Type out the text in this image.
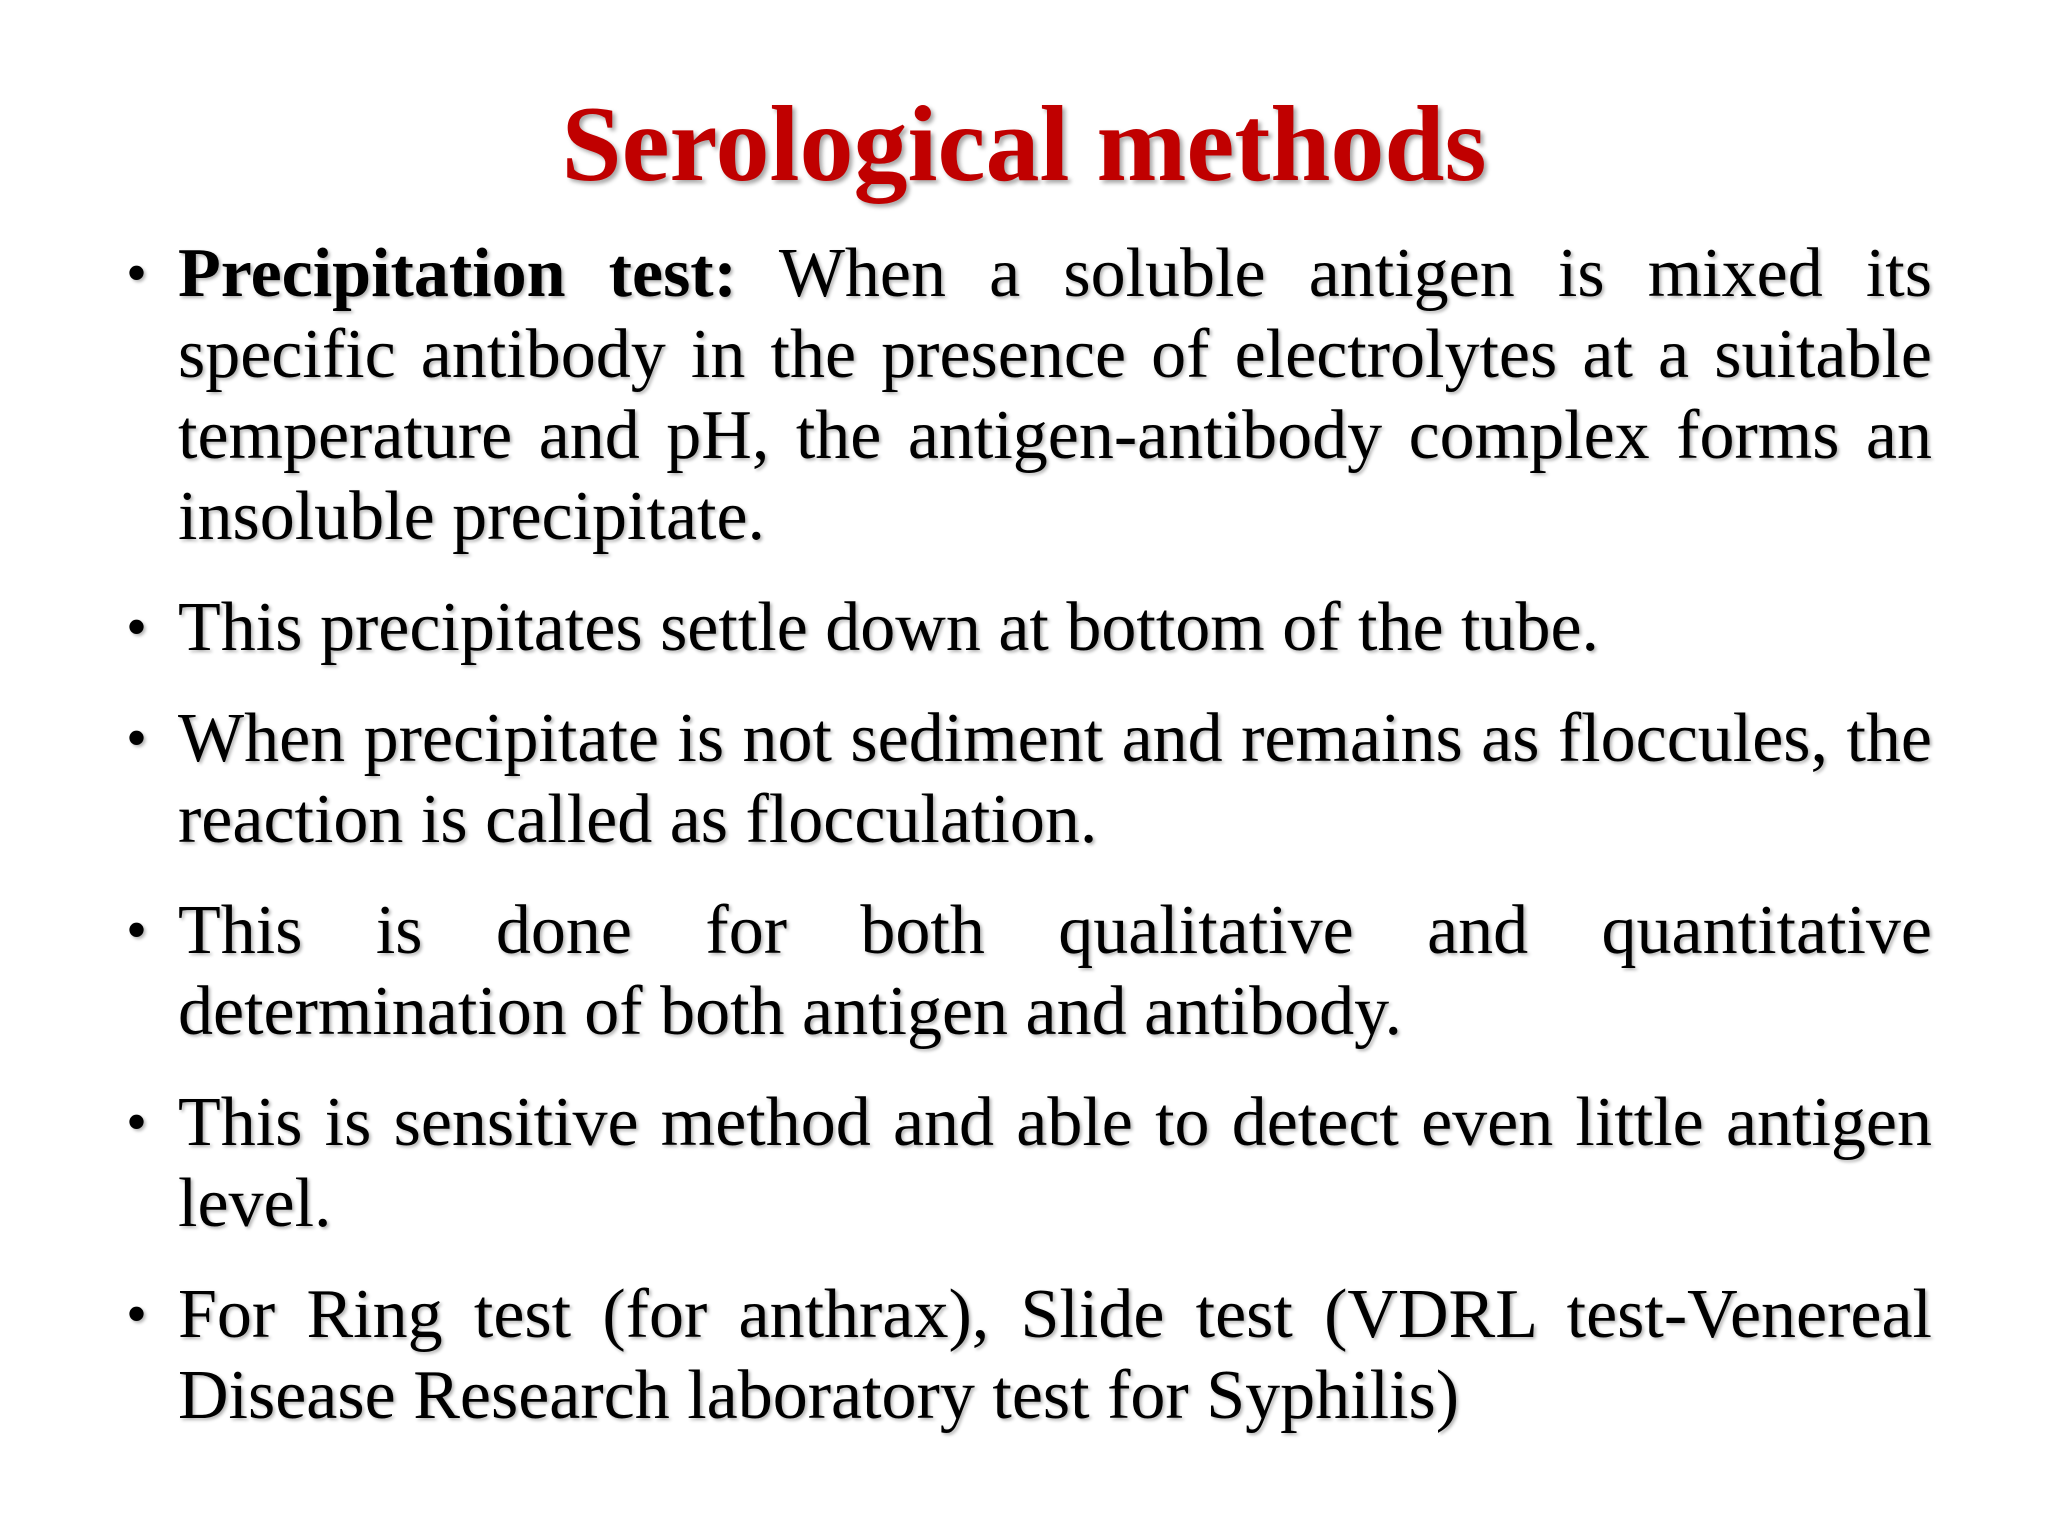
Serological methods
• Precipitation test: When a soluble antigen is mixed its specific antibody in the presence of electrolytes at a suitable temperature and pH, the antigen-antibody complex forms an insoluble precipitate.
• This precipitates settle down at bottom of the tube.
• When precipitate is not sediment and remains as floccules, the reaction is called as flocculation.
• This is done for both qualitative and quantitative determination of both antigen and antibody.
• This is sensitive method and able to detect even little antigen level.
• For Ring test (for anthrax), Slide test (VDRL test-Venereal Disease Research laboratory test for Syphilis)
